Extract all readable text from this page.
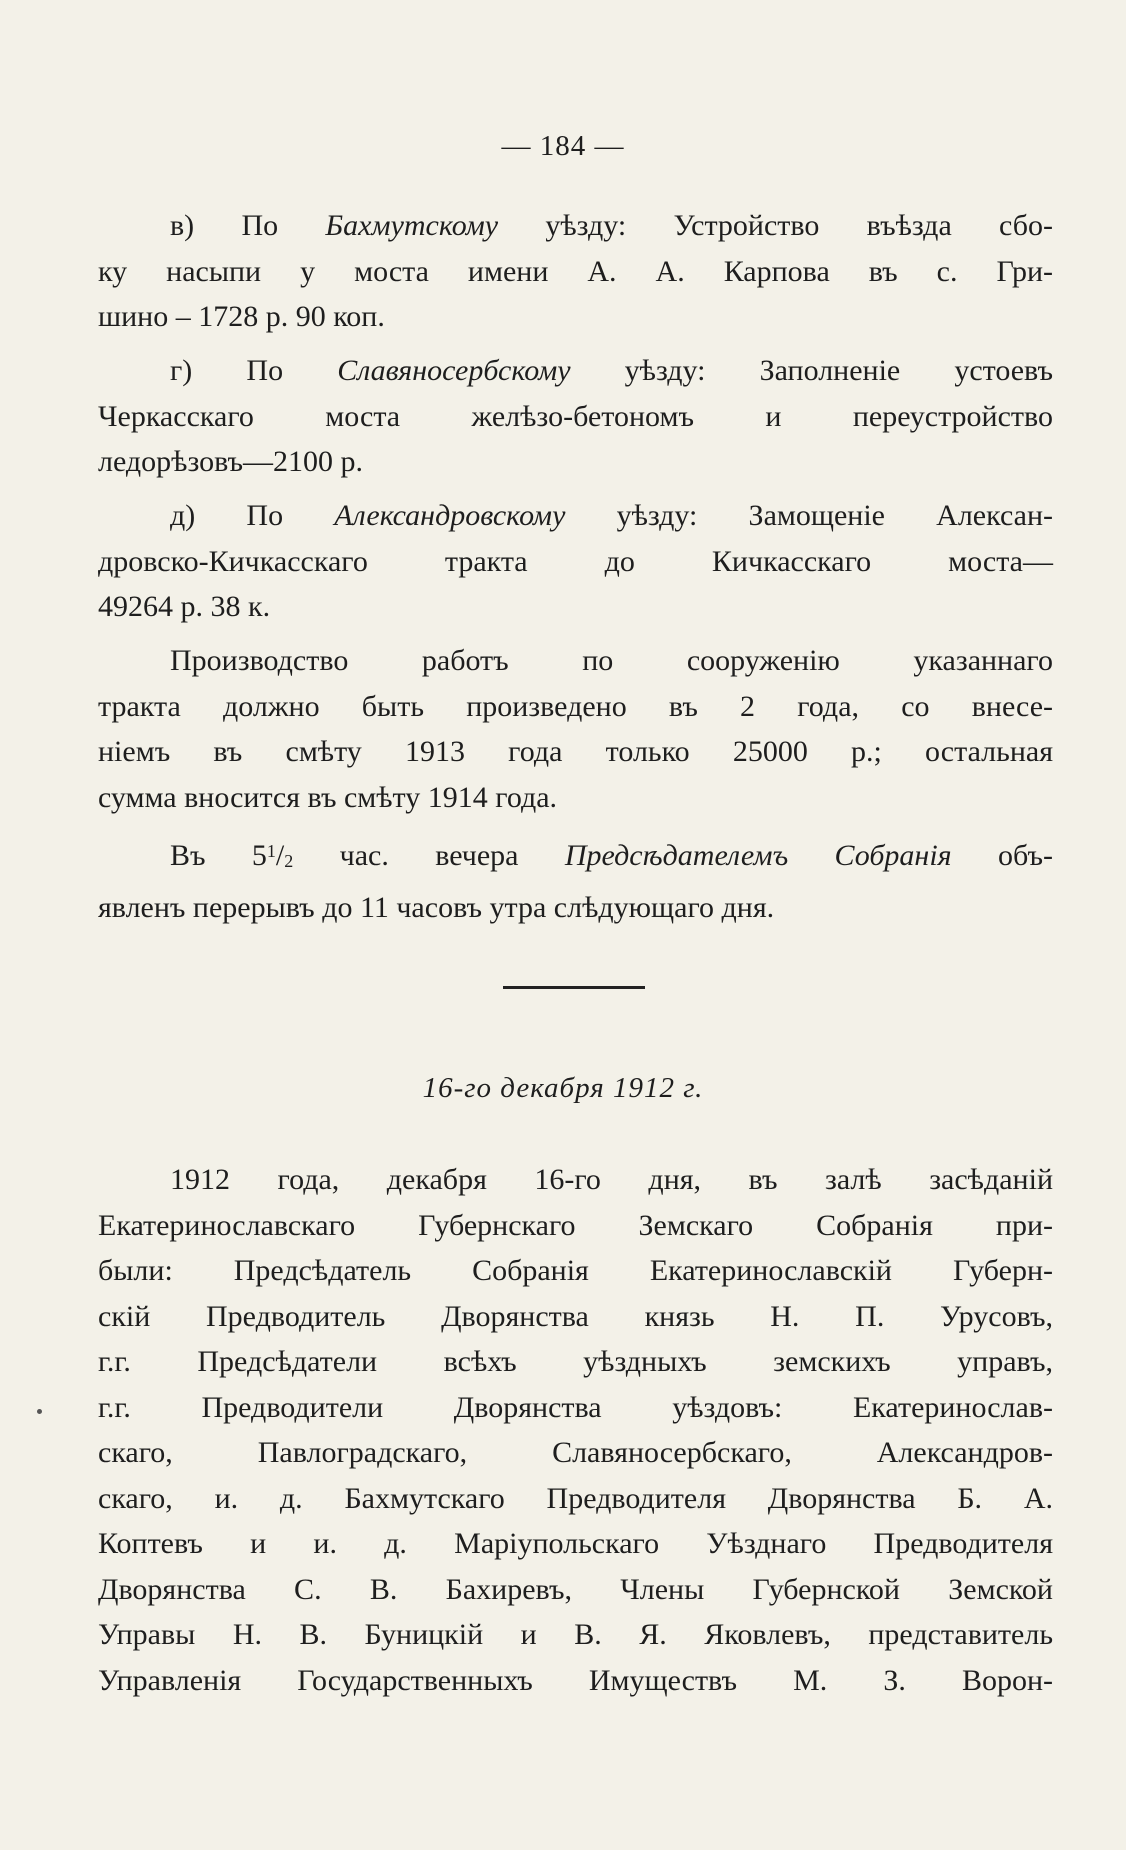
— 184 —
в) По Бахмутскому уѣзду: Устройство въѣзда сбо-
ку насыпи у моста имени А. А. Карпова въ с. Гри-
шино – 1728 р. 90 коп.
г) По Славяносербскому уѣзду: Заполненіе устоевъ
Черкасскаго моста желѣзо-бетономъ и переустройство
ледорѣзовъ—2100 р.
д) По Александровскому уѣзду: Замощеніе Алексан-
дровско-Кичкасскаго тракта до Кичкасскаго моста—
49264 р. 38 к.
Производство работъ по сооруженію указаннаго
тракта должно быть произведено въ 2 года, со внесе-
ніемъ въ смѣту 1913 года только 25000 р.; остальная
сумма вносится въ смѣту 1914 года.
Въ $5^1/2$ час. вечера Предсѣдателемъ Собранія объ-
явленъ перерывъ до 11 часовъ утра слѣдующаго дня.
16-го декабря 1912 г.
1912 года, декабря 16-го дня, въ залѣ засѣданій
Екатеринославскаго Губернскаго Земскаго Собранія при-
были: Предсѣдатель Собранія Екатеринославскій Губерн-
скій Предводитель Дворянства князь Н. П. Урусовъ,
г.г. Предсѣдатели всѣхъ уѣздныхъ земскихъ управъ,
г.г. Предводители Дворянства уѣздовъ: Екатеринослав-
скаго, Павлоградскаго, Славяносербскаго, Александров-
скаго, и. д. Бахмутскаго Предводителя Дворянства Б. А.
Коптевъ и и. д. Маріупольскаго Уѣзднаго Предводителя
Дворянства С. В. Бахиревъ, Члены Губернской Земской
Управы Н. В. Буницкій и В. Я. Яковлевъ, представитель
Управленія Государственныхъ Имуществъ М. З. Ворон-
